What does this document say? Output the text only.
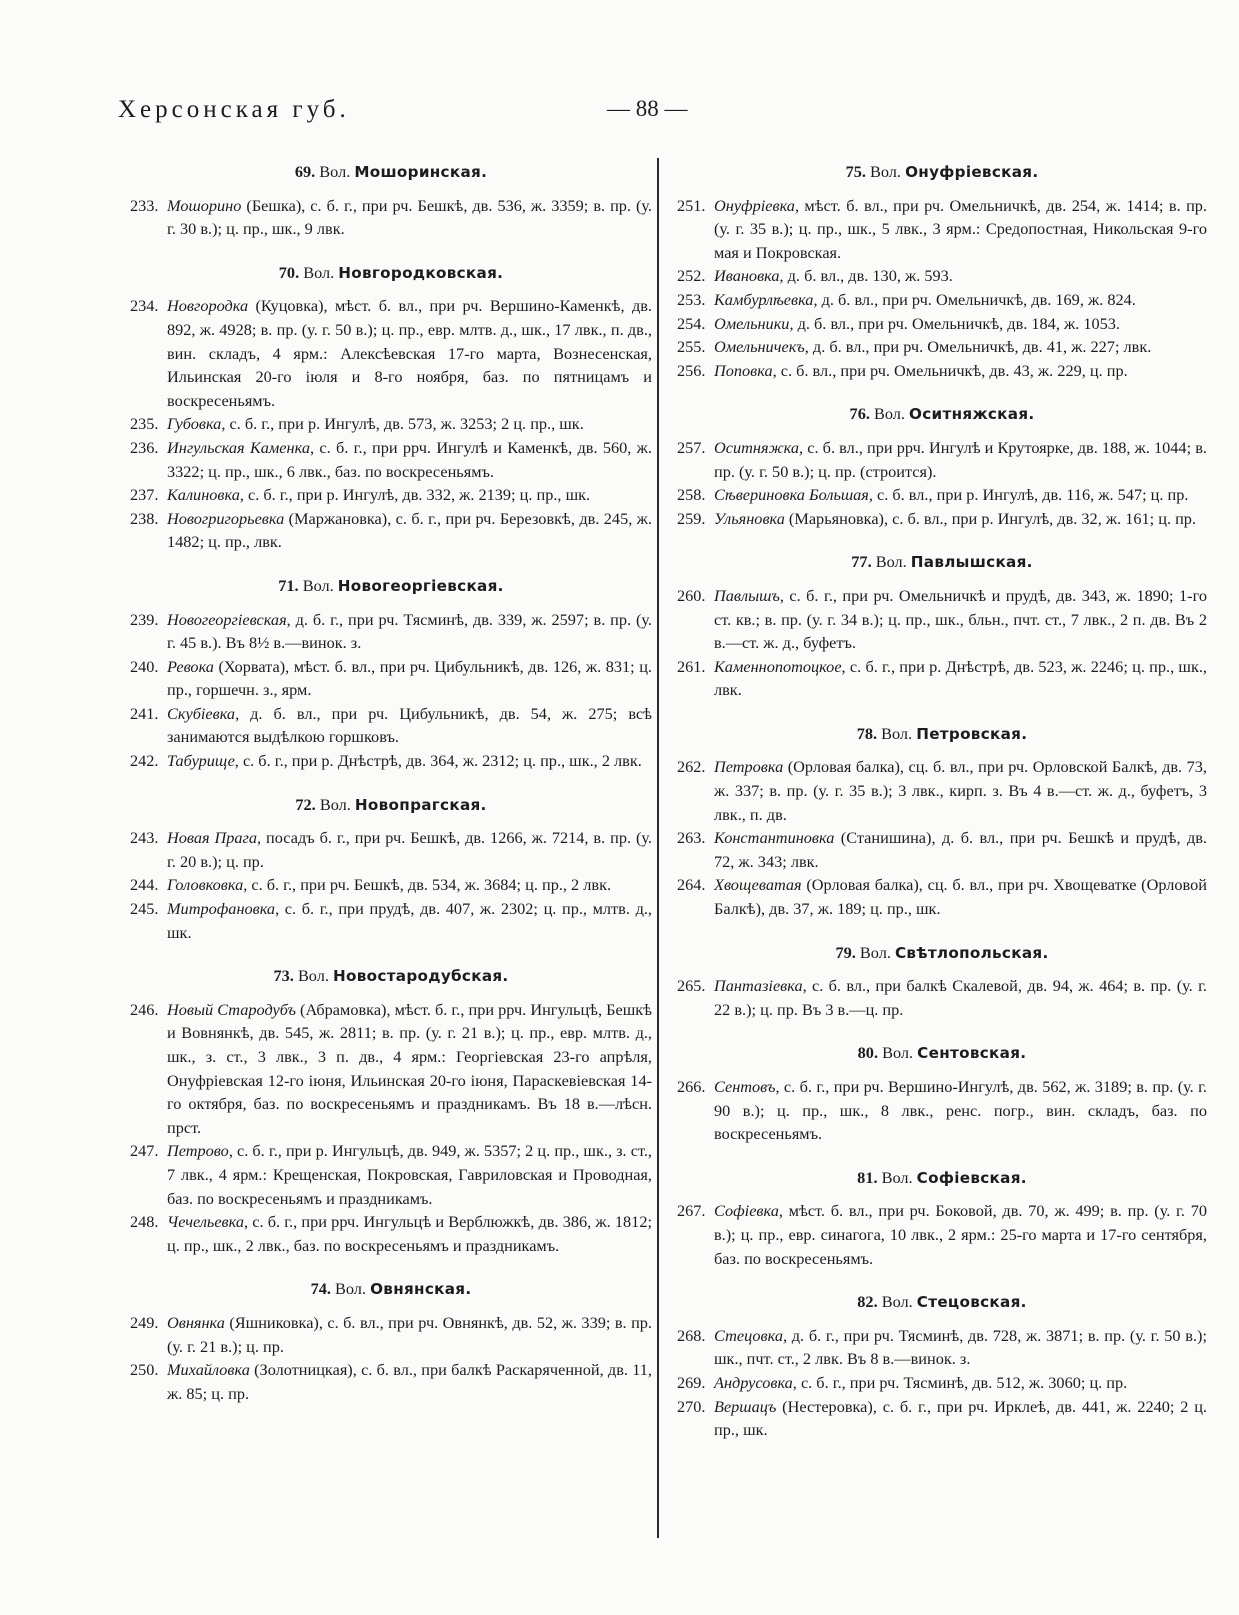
Херсонская губ.	— 88 —
69. Вол. Мошоринская.

233. Мошорино (Бешка), с. б. г., при рч. Бешкѣ, дв. 536, ж. 3359; в. пр. (у. г. 30 в.); ц. пр., шк., 9 лвк.

70. Вол. Новгородковская.

234. Новгородка (Куцовка), мѣст. б. вл., при рч. Вершино-Каменкѣ, дв. 892, ж. 4928; в. пр. (у. г. 50 в.); ц. пр., евр. млтв. д., шк., 17 лвк., п. дв., вин. складъ, 4 ярм.: Алексѣевская 17-го марта, Вознесенская, Ильинская 20-го іюля и 8-го ноября, баз. по пятницамъ и воскресеньямъ.

235. Губовка, с. б. г., при р. Ингулѣ, дв. 573, ж. 3253; 2 ц. пр., шк.

236. Ингульская Каменка, с. б. г., при ррч. Ингулѣ и Каменкѣ, дв. 560, ж. 3322; ц. пр., шк., 6 лвк., баз. по воскресеньямъ.

237. Калиновка, с. б. г., при р. Ингулѣ, дв. 332, ж. 2139; ц. пр., шк.

238. Новогригорьевка (Маржановка), с. б. г., при рч. Березовкѣ, дв. 245, ж. 1482; ц. пр., лвк.

71. Вол. Новогеоргіевская.

239. Новогеоргіевская, д. б. г., при рч. Тясминѣ, дв. 339, ж. 2597; в. пр. (у. г. 45 в.). Въ 8½ в.—винок. з.

240. Ревока (Хорвата), мѣст. б. вл., при рч. Цибульникѣ, дв. 126, ж. 831; ц. пр., горшечн. з., ярм.

241. Скубіевка, д. б. вл., при рч. Цибульникѣ, дв. 54, ж. 275; всѣ занимаются выдѣлкою горшковъ.

242. Табурище, с. б. г., при р. Днѣстрѣ, дв. 364, ж. 2312; ц. пр., шк., 2 лвк.

72. Вол. Новопрагская.

243. Новая Прага, посадъ б. г., при рч. Бешкѣ, дв. 1266, ж. 7214, в. пр. (у. г. 20 в.); ц. пр.

244. Головковка, с. б. г., при рч. Бешкѣ, дв. 534, ж. 3684; ц. пр., 2 лвк.

245. Митрофановка, с. б. г., при прудѣ, дв. 407, ж. 2302; ц. пр., млтв. д., шк.

73. Вол. Новостародубская.

246. Новый Стародубъ (Абрамовка), мѣст. б. г., при ррч. Ингульцѣ, Бешкѣ и Вовнянкѣ, дв. 545, ж. 2811; в. пр. (у. г. 21 в.); ц. пр., евр. млтв. д., шк., з. ст., 3 лвк., 3 п. дв., 4 ярм.: Георгіевская 23-го апрѣля, Онуфріевская 12-го іюня, Ильинская 20-го іюня, Параскевіевская 14-го октября, баз. по воскресеньямъ и праздникамъ. Въ 18 в.—лѣсн. прст.

247. Петрово, с. б. г., при р. Ингульцѣ, дв. 949, ж. 5357; 2 ц. пр., шк., з. ст., 7 лвк., 4 ярм.: Крещенская, Покровская, Гавриловская и Проводная, баз. по воскресеньямъ и праздникамъ.

248. Чечельевка, с. б. г., при ррч. Ингульцѣ и Верблюжкѣ, дв. 386, ж. 1812; ц. пр., шк., 2 лвк., баз. по воскресеньямъ и праздникамъ.

74. Вол. Овнянская.

249. Овнянка (Яшниковка), с. б. вл., при рч. Овнянкѣ, дв. 52, ж. 339; в. пр. (у. г. 21 в.); ц. пр.

250. Михайловка (Золотницкая), с. б. вл., при балкѣ Раскаряченной, дв. 11, ж. 85; ц. пр.

75. Вол. Онуфріевская.

251. Онуфріевка, мѣст. б. вл., при рч. Омельничкѣ, дв. 254, ж. 1414; в. пр. (у. г. 35 в.); ц. пр., шк., 5 лвк., 3 ярм.: Средопостная, Никольская 9-го мая и Покровская.

252. Ивановка, д. б. вл., дв. 130, ж. 593.

253. Камбурлѣевка, д. б. вл., при рч. Омельничкѣ, дв. 169, ж. 824.

254. Омельники, д. б. вл., при рч. Омельничкѣ, дв. 184, ж. 1053.

255. Омельничекъ, д. б. вл., при рч. Омельничкѣ, дв. 41, ж. 227; лвк.

256. Поповка, с. б. вл., при рч. Омельничкѣ, дв. 43, ж. 229, ц. пр.

76. Вол. Оситняжская.

257. Оситняжка, с. б. вл., при ррч. Ингулѣ и Крутоярке, дв. 188, ж. 1044; в. пр. (у. г. 50 в.); ц. пр. (строится).

258. Сѣвериновка Большая, с. б. вл., при р. Ингулѣ, дв. 116, ж. 547; ц. пр.

259. Ульяновка (Марьяновка), с. б. вл., при р. Ингулѣ, дв. 32, ж. 161; ц. пр.

77. Вол. Павлышская.

260. Павлышъ, с. б. г., при рч. Омельничкѣ и прудѣ, дв. 343, ж. 1890; 1-го ст. кв.; в. пр. (у. г. 34 в.); ц. пр., шк., бльн., пчт. ст., 7 лвк., 2 п. дв. Въ 2 в.—ст. ж. д., буфетъ.

261. Каменнопотоцкое, с. б. г., при р. Днѣстрѣ, дв. 523, ж. 2246; ц. пр., шк., лвк.

78. Вол. Петровская.

262. Петровка (Орловая балка), сц. б. вл., при рч. Орловской Балкѣ, дв. 73, ж. 337; в. пр. (у. г. 35 в.); 3 лвк., кирп. з. Въ 4 в.—ст. ж. д., буфетъ, 3 лвк., п. дв.

263. Константиновка (Станишина), д. б. вл., при рч. Бешкѣ и прудѣ, дв. 72, ж. 343; лвк.

264. Хвощеватая (Орловая балка), сц. б. вл., при рч. Хвощеватке (Орловой Балкѣ), дв. 37, ж. 189; ц. пр., шк.

79. Вол. Свѣтлопольская.

265. Пантазіевка, с. б. вл., при балкѣ Скалевой, дв. 94, ж. 464; в. пр. (у. г. 22 в.); ц. пр. Въ 3 в.—ц. пр.

80. Вол. Сентовская.

266. Сентовъ, с. б. г., при рч. Вершино-Ингулѣ, дв. 562, ж. 3189; в. пр. (у. г. 90 в.); ц. пр., шк., 8 лвк., ренс. погр., вин. складъ, баз. по воскресеньямъ.

81. Вол. Софіевская.

267. Софіевка, мѣст. б. вл., при рч. Боковой, дв. 70, ж. 499; в. пр. (у. г. 70 в.); ц. пр., евр. синагога, 10 лвк., 2 ярм.: 25-го марта и 17-го сентября, баз. по воскресеньямъ.

82. Вол. Стецовская.

268. Стецовка, д. б. г., при рч. Тясминѣ, дв. 728, ж. 3871; в. пр. (у. г. 50 в.); шк., пчт. ст., 2 лвк. Въ 8 в.—винок. з.

269. Андрусовка, с. б. г., при рч. Тясминѣ, дв. 512, ж. 3060; ц. пр.

270. Вершацъ (Нестеровка), с. б. г., при рч. Ирклеѣ, дв. 441, ж. 2240; 2 ц. пр., шк.
